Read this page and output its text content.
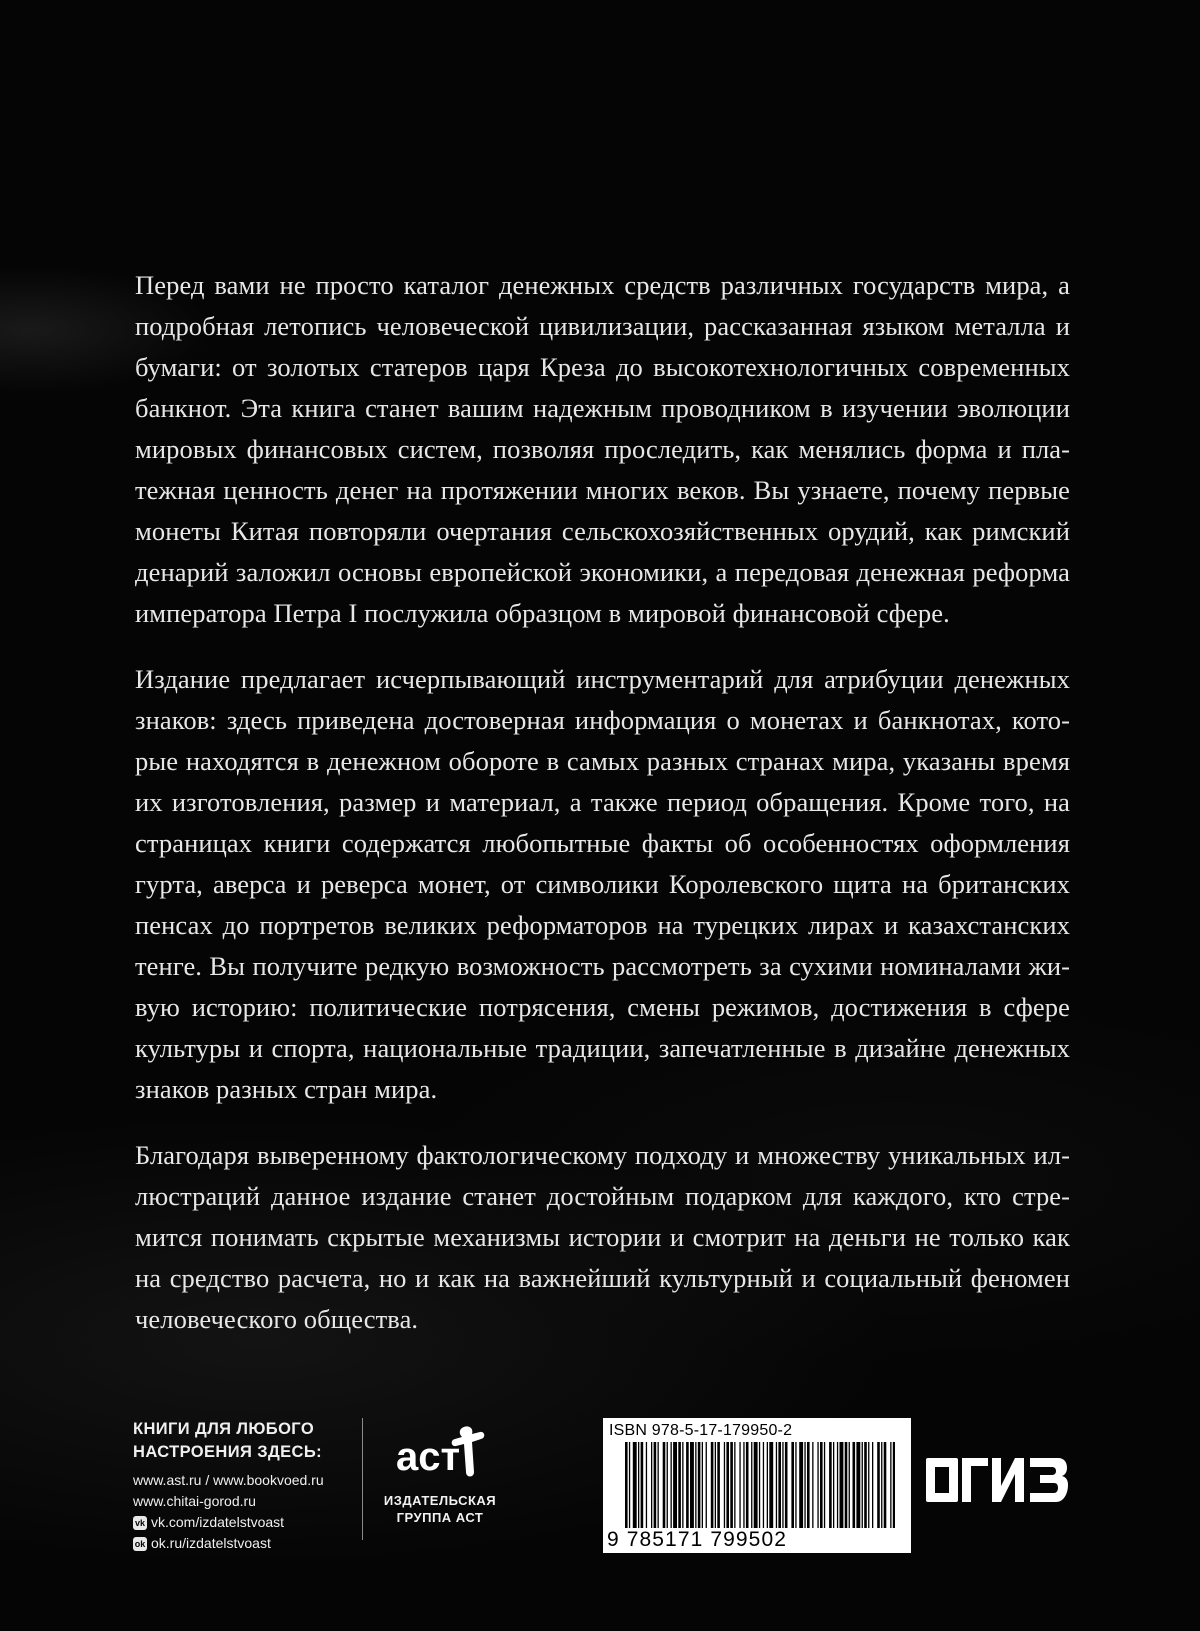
Перед вами не просто каталог денежных средств различных государств мира, а подробная летопись человеческой цивилизации, рассказанная языком металла и бумаги: от золотых статеров царя Креза до высокотехнологичных современных банкнот. Эта книга станет вашим надежным проводником в изучении эволюции мировых финансовых систем, позволяя проследить, как менялись форма и платежная ценность денег на протяжении многих веков. Вы узнаете, почему первые монеты Китая повторяли очертания сельскохозяйственных орудий, как римский денарий заложил основы европейской экономики, а передовая денежная реформа императора Петра I послужила образцом в мировой финансовой сфере.

Издание предлагает исчерпывающий инструментарий для атрибуции денежных знаков: здесь приведена достоверная информация о монетах и банкнотах, которые находятся в денежном обороте в самых разных странах мира, указаны время их изготовления, размер и материал, а также период обращения. Кроме того, на страницах книги содержатся любопытные факты об особенностях оформления гурта, аверса и реверса монет, от символики Королевского щита на британских пенсах до портретов великих реформаторов на турецких лирах и казахстанских тенге. Вы получите редкую возможность рассмотреть за сухими номиналами живую историю: политические потрясения, смены режимов, достижения в сфере культуры и спорта, национальные традиции, запечатленные в дизайне денежных знаков разных стран мира.

Благодаря выверенному фактологическому подходу и множеству уникальных иллюстраций данное издание станет достойным подарком для каждого, кто стремится понимать скрытые механизмы истории и смотрит на деньги не только как на средство расчета, но и как на важнейший культурный и социальный феномен человеческого общества.

КНИГИ ДЛЯ ЛЮБОГО
НАСТРОЕНИЯ ЗДЕСЬ:
www.ast.ru / www.bookvoed.ru
www.chitai-gorod.ru
vk vk.com/izdatelstvoast
ok ok.ru/izdatelstvoast
аст
ИЗДАТЕЛЬСКАЯ
ГРУППА АСТ
ISBN 978-5-17-179950-2
9 785171 799502
